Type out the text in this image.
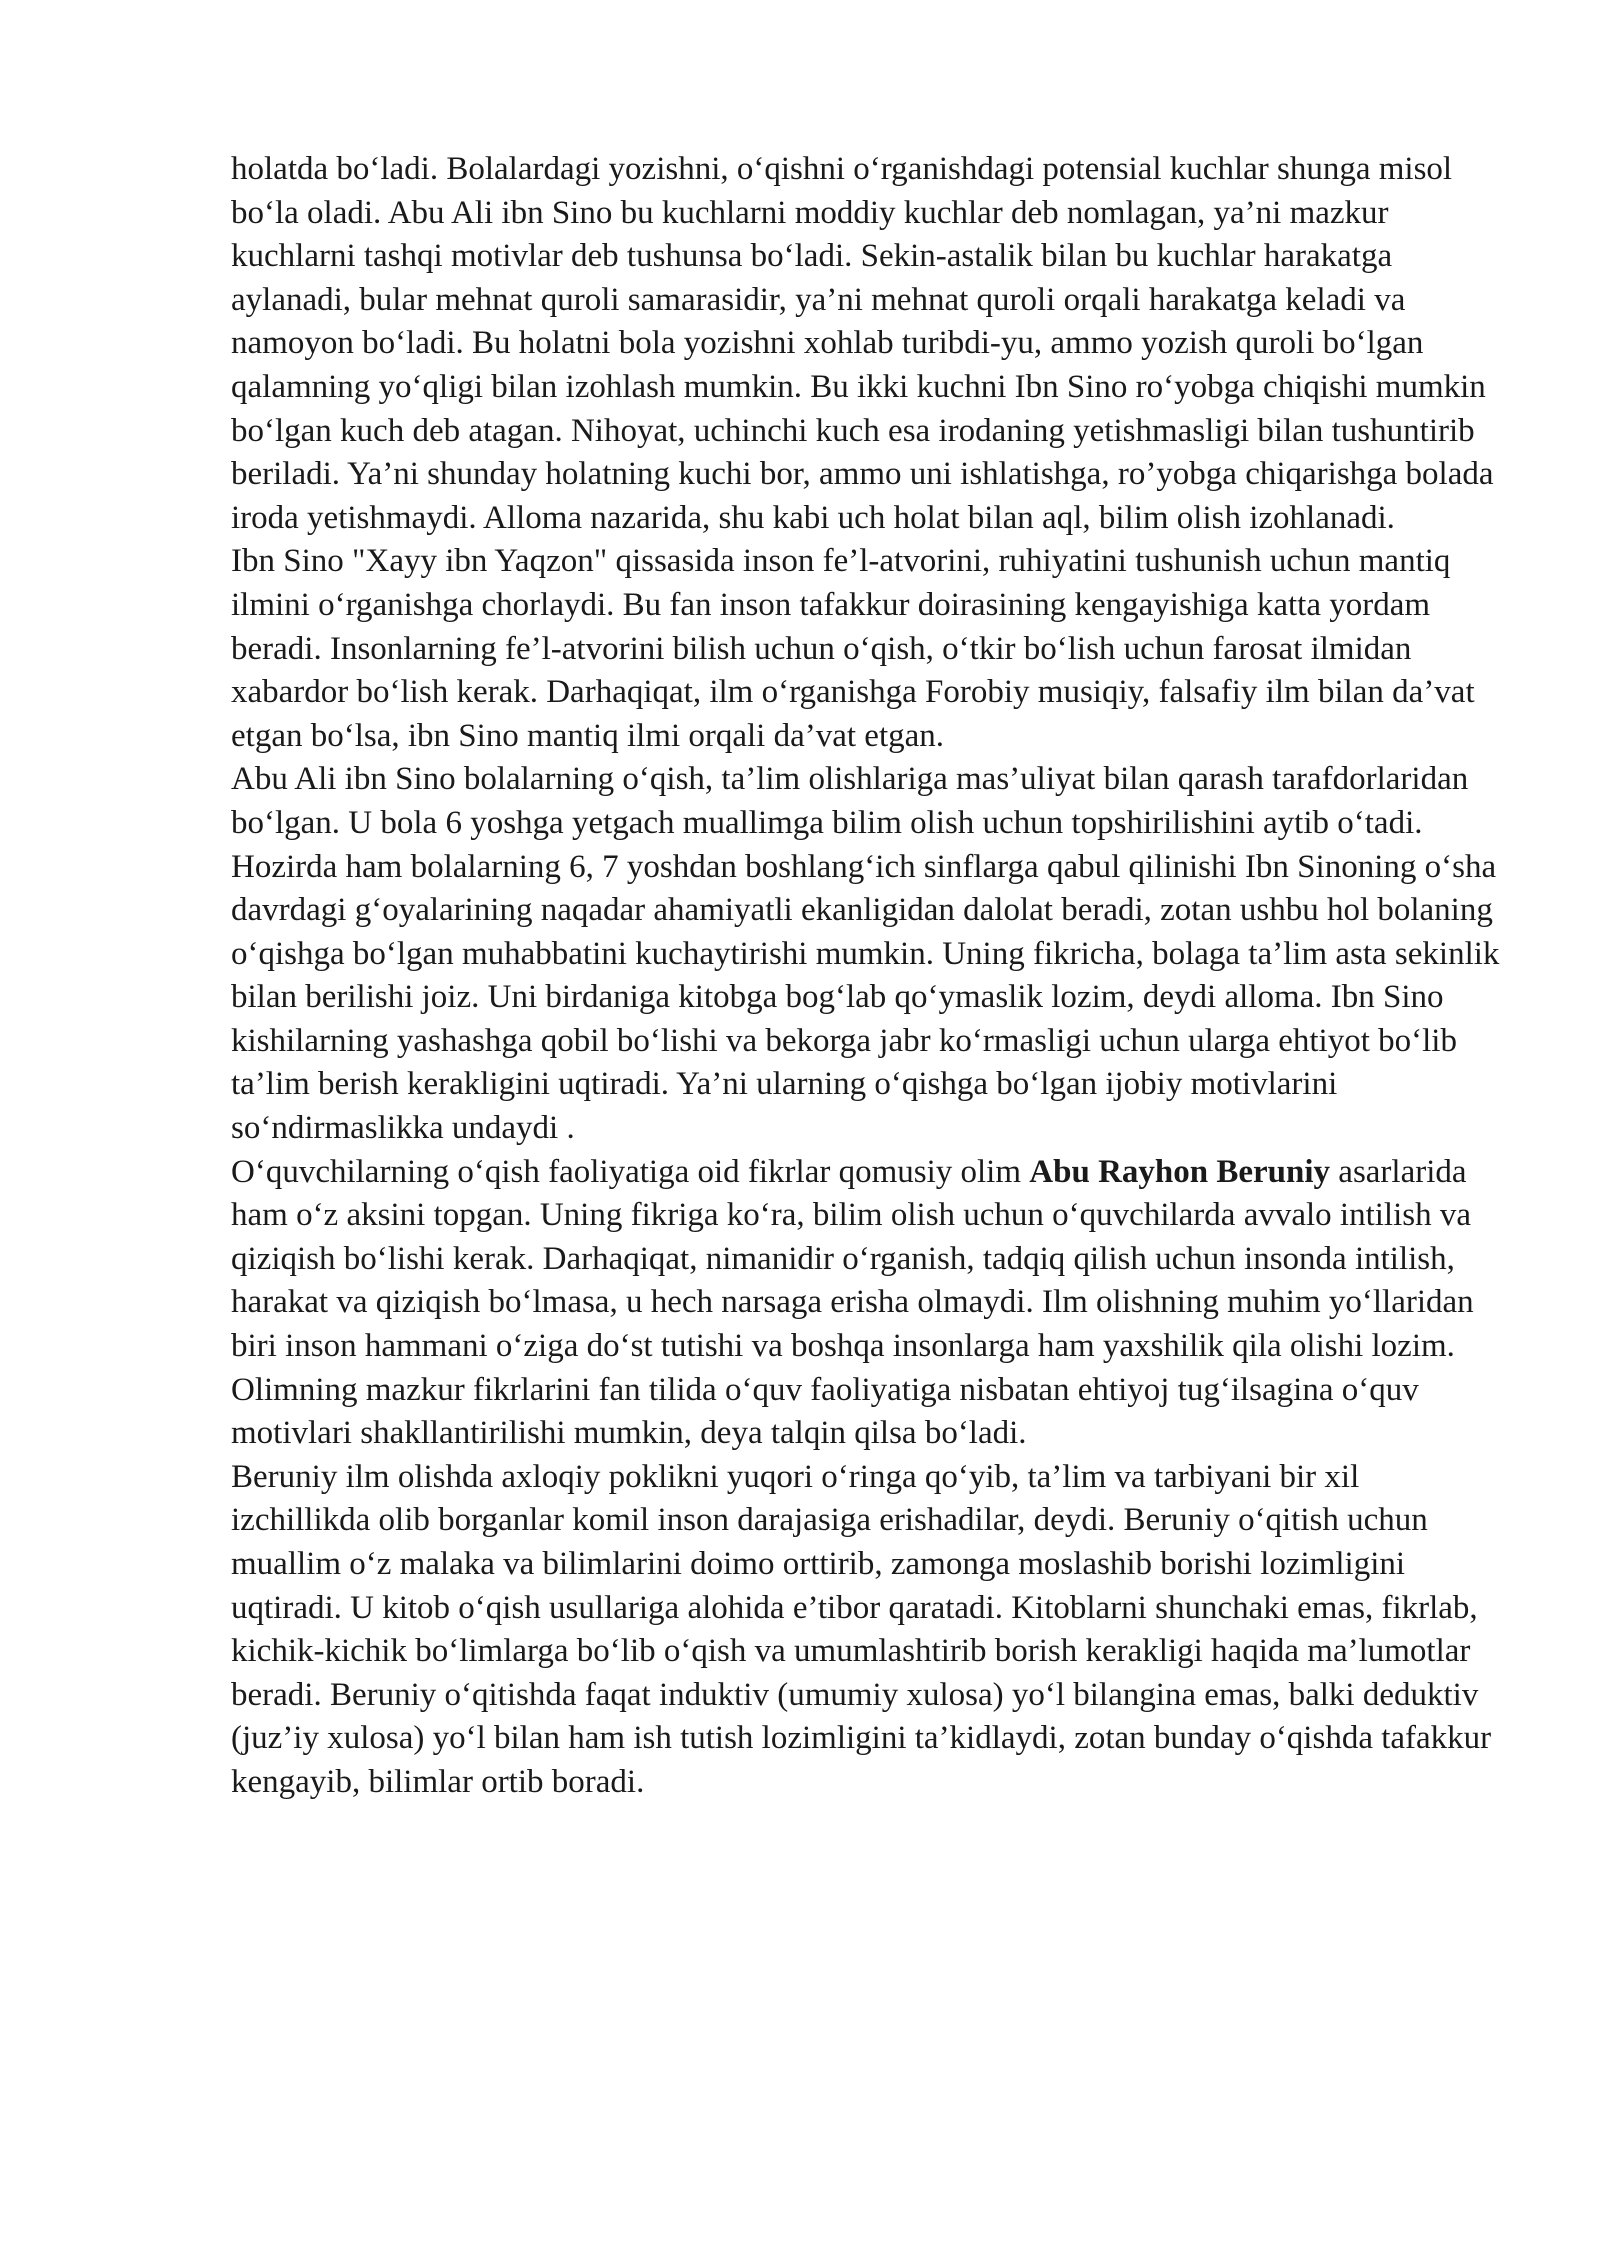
holatda bo‘ladi. Bolalardagi yozishni, o‘qishni o‘rganishdagi potensial kuchlar shunga misol bo‘la oladi. Abu Ali ibn Sino bu kuchlarni moddiy kuchlar deb nomlagan, ya’ni mazkur kuchlarni tashqi motivlar deb tushunsa bo‘ladi. Sekin-astalik bilan bu kuchlar harakatga aylanadi, bular mehnat quroli samarasidir, ya’ni mehnat quroli orqali harakatga keladi va namoyon bo‘ladi. Bu holatni bola yozishni xohlab turibdi-yu, ammo yozish quroli bo‘lgan qalamning yo‘qligi bilan izohlash mumkin. Bu ikki kuchni Ibn Sino ro‘yobga chiqishi mumkin bo‘lgan kuch deb atagan. Nihoyat, uchinchi kuch esa irodaning yetishmasligi bilan tushuntirib beriladi. Ya’ni shunday holatning kuchi bor, ammo uni ishlatishga, ro’yobga chiqarishga bolada iroda yetishmaydi. Alloma nazarida, shu kabi uch holat bilan aql, bilim olish izohlanadi.

Ibn Sino "Xayy ibn Yaqzon" qissasida inson fe’l-atvorini, ruhiyatini tushunish uchun mantiq ilmini o‘rganishga chorlaydi. Bu fan inson tafakkur doirasining kengayishiga katta yordam beradi. Insonlarning fe’l-atvorini bilish uchun o‘qish, o‘tkir bo‘lish uchun farosat ilmidan xabardor bo‘lish kerak. Darhaqiqat, ilm o‘rganishga Forobiy musiqiy, falsafiy ilm bilan da’vat etgan bo‘lsa, ibn Sino mantiq ilmi orqali da’vat etgan.

Abu Ali ibn Sino bolalarning o‘qish, ta’lim olishlariga mas’uliyat bilan qarash tarafdorlaridan bo‘lgan. U bola 6 yoshga yetgach muallimga bilim olish uchun topshirilishini aytib o‘tadi. Hozirda ham bolalarning 6, 7 yoshdan boshlang‘ich sinflarga qabul qilinishi Ibn Sinoning o‘sha davrdagi g‘oyalarining naqadar ahamiyatli ekanligidan dalolat beradi, zotan ushbu hol bolaning o‘qishga bo‘lgan muhabbatini kuchaytirishi mumkin. Uning fikricha, bolaga ta’lim asta sekinlik bilan berilishi joiz. Uni birdaniga kitobga bog‘lab qo‘ymaslik lozim, deydi alloma. Ibn Sino kishilarning yashashga qobil bo‘lishi va bekorga jabr ko‘rmasligi uchun ularga ehtiyot bo‘lib ta’lim berish kerakligini uqtiradi. Ya’ni ularning o‘qishga bo‘lgan ijobiy motivlarini so‘ndirmaslikka undaydi .

O‘quvchilarning o‘qish faoliyatiga oid fikrlar qomusiy olim Abu Rayhon Beruniy asarlarida ham o‘z aksini topgan. Uning fikriga ko‘ra, bilim olish uchun o‘quvchilarda avvalo intilish va qiziqish bo‘lishi kerak. Darhaqiqat, nimanidir o‘rganish, tadqiq qilish uchun insonda intilish, harakat va qiziqish bo‘lmasa, u hech narsaga erisha olmaydi. Ilm olishning muhim yo‘llaridan biri inson hammani o‘ziga do‘st tutishi va boshqa insonlarga ham yaxshilik qila olishi lozim. Olimning mazkur fikrlarini fan tilida o‘quv faoliyatiga nisbatan ehtiyoj tug‘ilsagina o‘quv motivlari shakllantirilishi mumkin, deya talqin qilsa bo‘ladi.

Beruniy ilm olishda axloqiy poklikni yuqori o‘ringa qo‘yib, ta’lim va tarbiyani bir xil izchillikda olib borganlar komil inson darajasiga erishadilar, deydi. Beruniy o‘qitish uchun muallim o‘z malaka va bilimlarini doimo orttirib, zamonga moslashib borishi lozimligini uqtiradi. U kitob o‘qish usullariga alohida e’tibor qaratadi. Kitoblarni shunchaki emas, fikrlab, kichik-kichik bo‘limlarga bo‘lib o‘qish va umumlashtirib borish kerakligi haqida ma’lumotlar beradi. Beruniy o‘qitishda faqat induktiv (umumiy xulosa) yo‘l bilangina emas, balki deduktiv (juz’iy xulosa) yo‘l bilan ham ish tutish lozimligini ta’kidlaydi, zotan bunday o‘qishda tafakkur kengayib, bilimlar ortib boradi.
